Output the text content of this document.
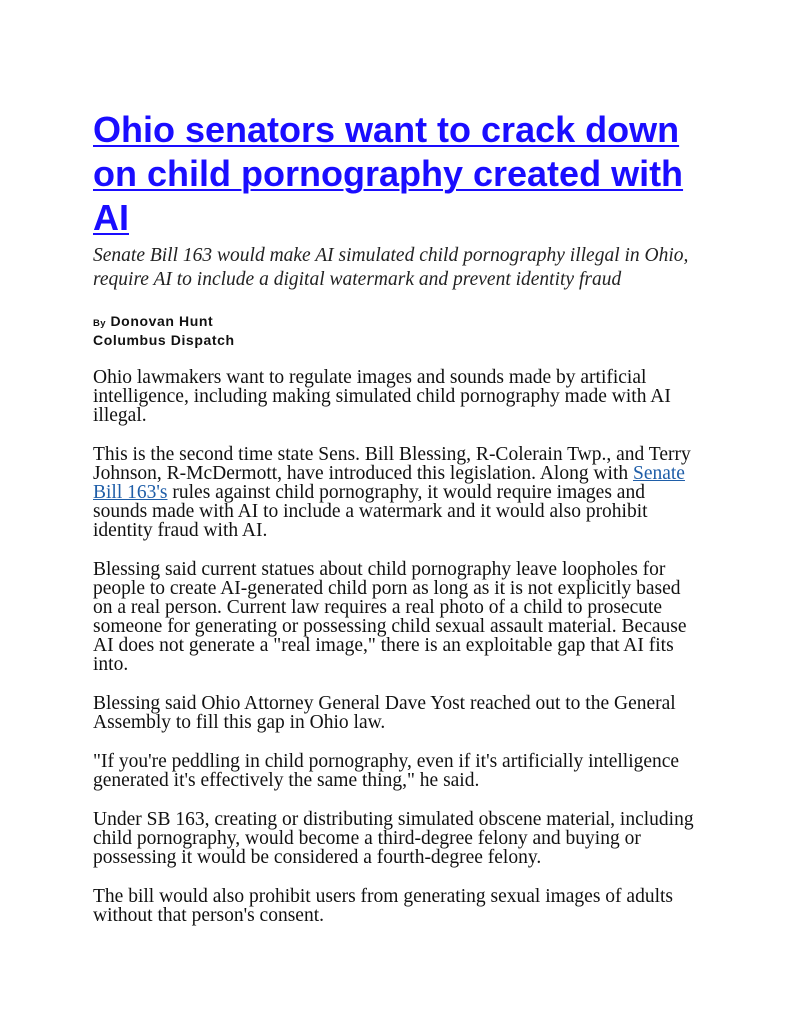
Ohio senators want to crack down on child pornography created with AI

Senate Bill 163 would make AI simulated child pornography illegal in Ohio, require AI to include a digital watermark and prevent identity fraud

By Donovan Hunt
Columbus Dispatch

Ohio lawmakers want to regulate images and sounds made by artificial intelligence, including making simulated child pornography made with AI illegal.

This is the second time state Sens. Bill Blessing, R-Colerain Twp., and Terry Johnson, R-McDermott, have introduced this legislation. Along with Senate Bill 163's rules against child pornography, it would require images and sounds made with AI to include a watermark and it would also prohibit identity fraud with AI.

Blessing said current statues about child pornography leave loopholes for people to create AI-generated child porn as long as it is not explicitly based on a real person. Current law requires a real photo of a child to prosecute someone for generating or possessing child sexual assault material. Because AI does not generate a "real image," there is an exploitable gap that AI fits into.

Blessing said Ohio Attorney General Dave Yost reached out to the General Assembly to fill this gap in Ohio law.

"If you're peddling in child pornography, even if it's artificially intelligence generated it's effectively the same thing," he said.

Under SB 163, creating or distributing simulated obscene material, including child pornography, would become a third-degree felony and buying or possessing it would be considered a fourth-degree felony.

The bill would also prohibit users from generating sexual images of adults without that person's consent.
